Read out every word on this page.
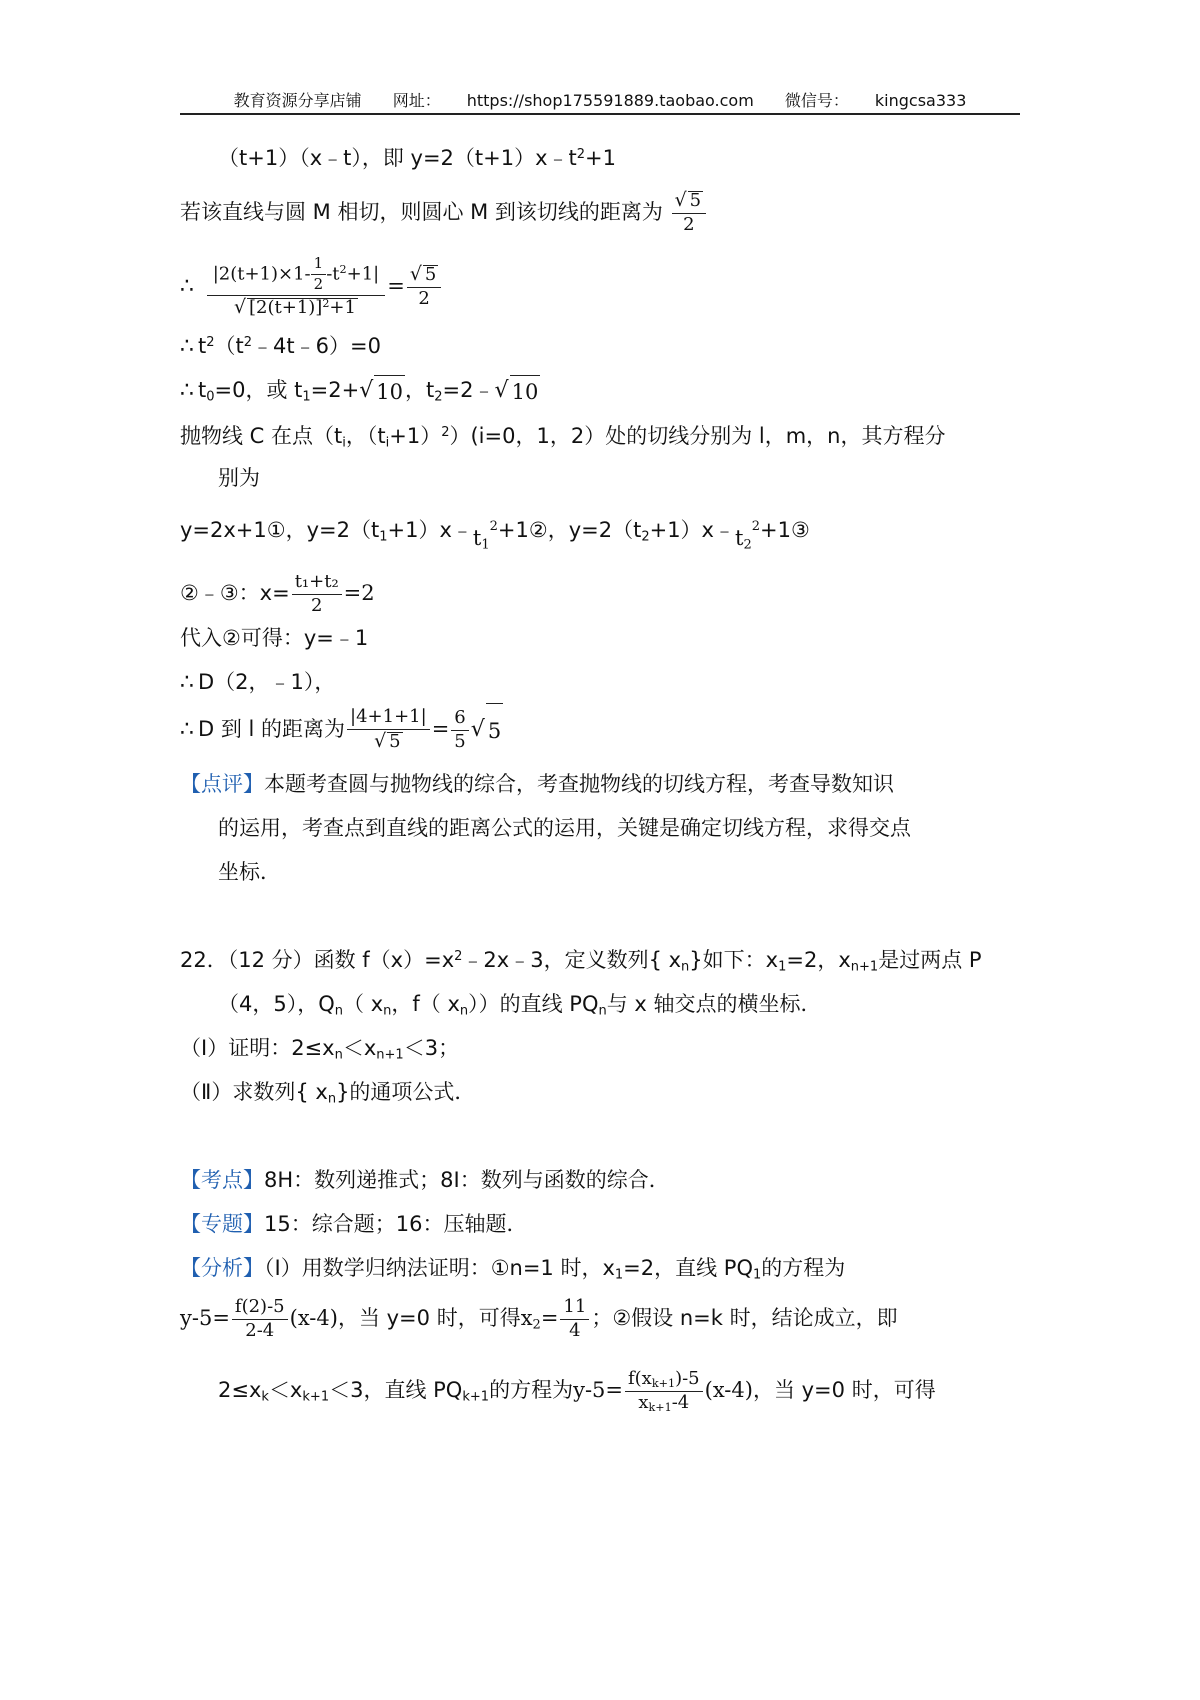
教育资源分享店铺 网址： https://shop175591889.taobao.com 微信号： kingcsa333
（t+1）（x﹣t），即 $y=2(t+1)x﹣t^2+1$
若该直线与圆 M 相切，则圆心 M 到该切线的距离为 $\frac{√ 5}{2}$
∴ $\frac{|2(t+1)\times 1- \frac{1}{2} -t^2+1|}{√ [2(t+1)]^2+1} = \frac{√ 5}{2}$
∴ $t^2(t^2﹣4t﹣6)=0$
∴ $t_0=0$，或 $t_1=2+$ √ 10 ，$t_2=2﹣$ √ 10
抛物线 C 在点（$t_i$，$(t_i+1)^2)(i=0$，1，2）处的切线分别为 l，m，n，其方程分
别为
y=2x+1①，$y=2(t_1+1)x﹣t_1^2+1②$，$y=2(t_2+1)x﹣t_2^2+1③$
②﹣③：$x= \frac{\text{t₁+t₂}}{2} =2$
代入②可得：y=﹣1
∴ D（2，﹣1），
∴ D 到 l 的距离为 $\frac{|4+1+1|}{√ 5} = \frac{6}{5}$ √ 5
【点评】本题考查圆与抛物线的综合，考查抛物线的切线方程，考查导数知识
的运用，考查点到直线的距离公式的运用，关键是确定切线方程，求得交点
坐标．
22．（12 分）函数 $f(x)=x^2﹣2x﹣3$，定义数列{ $x_n$}如下：$x_1=2$，$x_{n+1}$是过两点 P
（4，5），$Q_n$（ $x_n$，f（ $x_n$））的直线 $PQ_n$与 x 轴交点的横坐标．
（Ⅰ）证明：$2\le x_n<x_{n+1}<3$；
（Ⅱ）求数列{ $x_n$}的通项公式．
【考点】8H：数列递推式；8I：数列与函数的综合．
【专题】15：综合题；16：压轴题．
【分析】（Ⅰ）用数学归纳法证明：①n=1 时，$x_1=2$，直线 $PQ_1$的方程为
$y-5= \frac{f(2)-5}{2-4} (x-4)$，当 y=0 时，可得$x_2= \frac{11}{4}$ ；②假设 n=k 时，结论成立，即
$2\le x_k<x_{k+1}<3$，直线 $PQ_{k+1}$的方程为$y-5= \frac{f(x_{k+1})-5}{x_{k+1}-4} (x-4)$，当 y=0 时，可得
